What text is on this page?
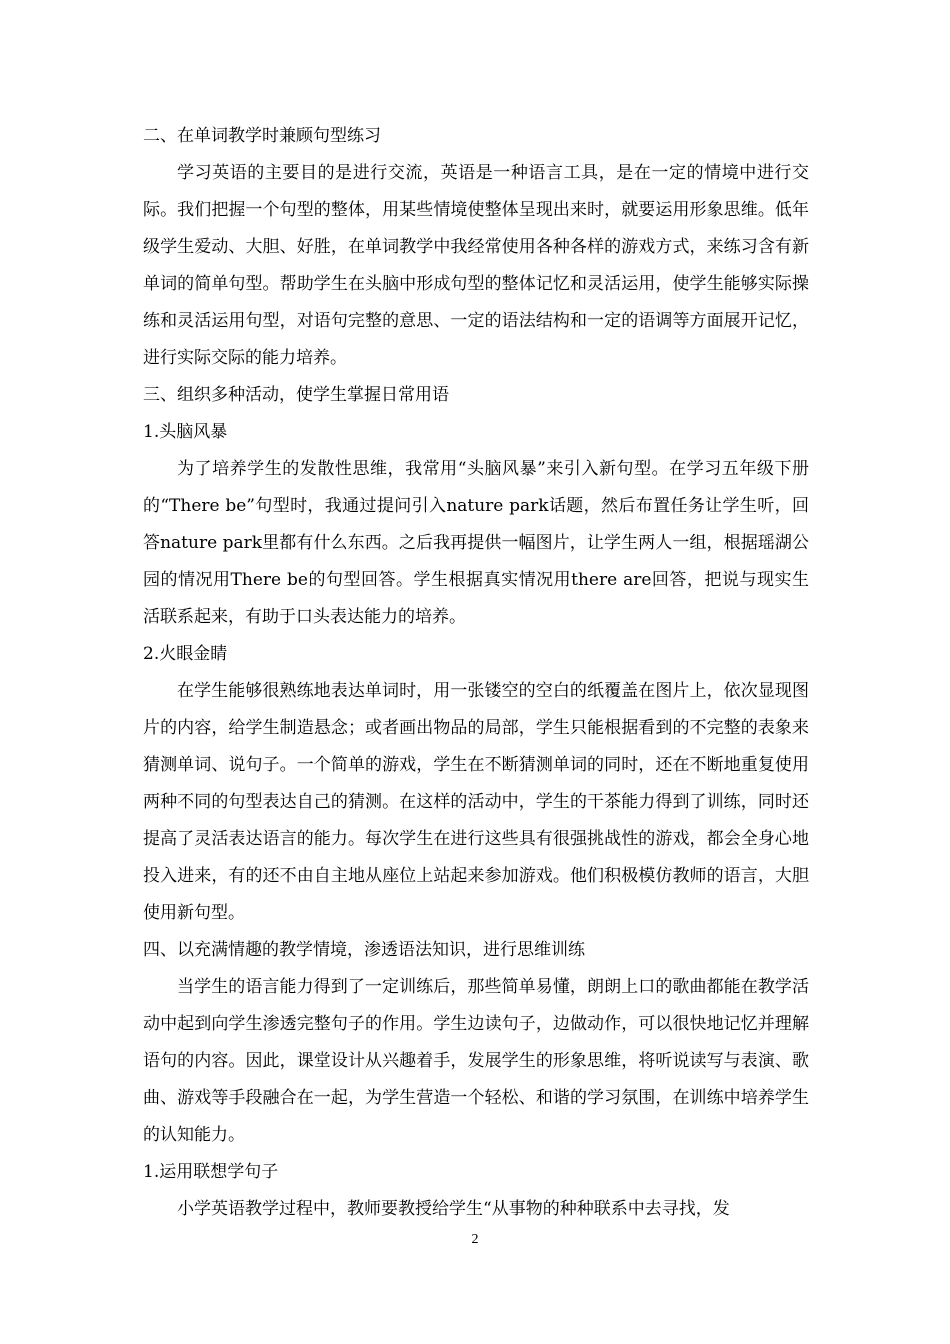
二、在单词教学时兼顾句型练习

学习英语的主要目的是进行交流，英语是一种语言工具，是在一定的情境中进行交际。我们把握一个句型的整体，用某些情境使整体呈现出来时，就要运用形象思维。低年级学生爱动、大胆、好胜，在单词教学中我经常使用各种各样的游戏方式，来练习含有新单词的简单句型。帮助学生在头脑中形成句型的整体记忆和灵活运用，使学生能够实际操练和灵活运用句型，对语句完整的意思、一定的语法结构和一定的语调等方面展开记忆，进行实际交际的能力培养。

三、组织多种活动，使学生掌握日常用语

1.头脑风暴

为了培养学生的发散性思维，我常用“头脑风暴”来引入新句型。在学习五年级下册的“There be”句型时，我通过提问引入nature park话题，然后布置任务让学生听，回答nature park里都有什么东西。之后我再提供一幅图片，让学生两人一组，根据瑶湖公园的情况用There be的句型回答。学生根据真实情况用there are回答，把说与现实生活联系起来，有助于口头表达能力的培养。

2.火眼金睛

在学生能够很熟练地表达单词时，用一张镂空的空白的纸覆盖在图片上，依次显现图片的内容，给学生制造悬念；或者画出物品的局部，学生只能根据看到的不完整的表象来猜测单词、说句子。一个简单的游戏，学生在不断猜测单词的同时，还在不断地重复使用两种不同的句型表达自己的猜测。在这样的活动中，学生的干茶能力得到了训练，同时还提高了灵活表达语言的能力。每次学生在进行这些具有很强挑战性的游戏，都会全身心地投入进来，有的还不由自主地从座位上站起来参加游戏。他们积极模仿教师的语言，大胆使用新句型。

四、以充满情趣的教学情境，渗透语法知识，进行思维训练

当学生的语言能力得到了一定训练后，那些简单易懂，朗朗上口的歌曲都能在教学活动中起到向学生渗透完整句子的作用。学生边读句子，边做动作，可以很快地记忆并理解语句的内容。因此，课堂设计从兴趣着手，发展学生的形象思维，将听说读写与表演、歌曲、游戏等手段融合在一起，为学生营造一个轻松、和谐的学习氛围，在训练中培养学生的认知能力。

1.运用联想学句子

小学英语教学过程中，教师要教授给学生“从事物的种种联系中去寻找，发

2
